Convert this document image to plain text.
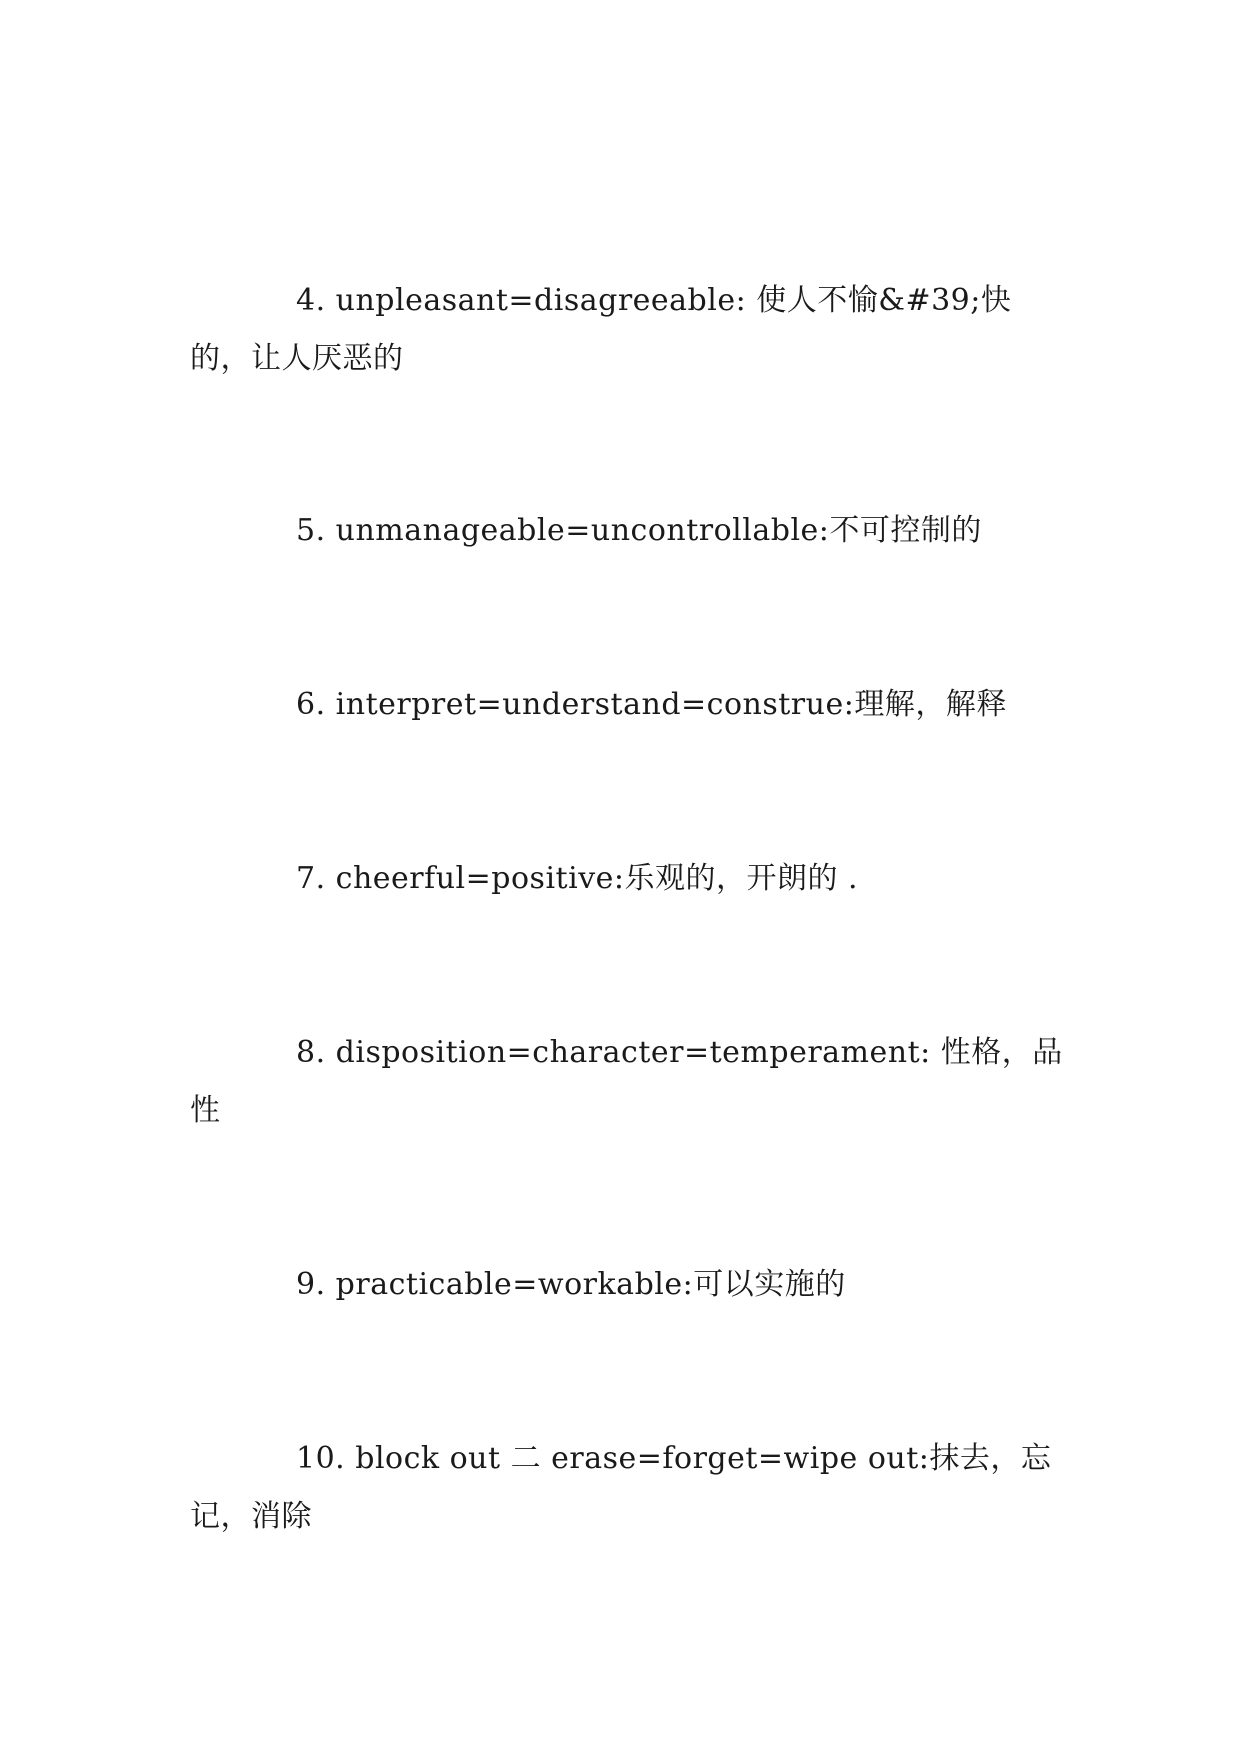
4. unpleasant=disagreeable: 使人不愉&#39;快的，让人厌恶的

5. unmanageable=uncontrollable:不可控制的

6. interpret=understand=construe:理解，解释

7. cheerful=positive:乐观的，开朗的 .

8. disposition=character=temperament: 性格，品性

9. practicable=workable:可以实施的

10. block out 二 erase=forget=wipe out:抹去，忘记，消除
